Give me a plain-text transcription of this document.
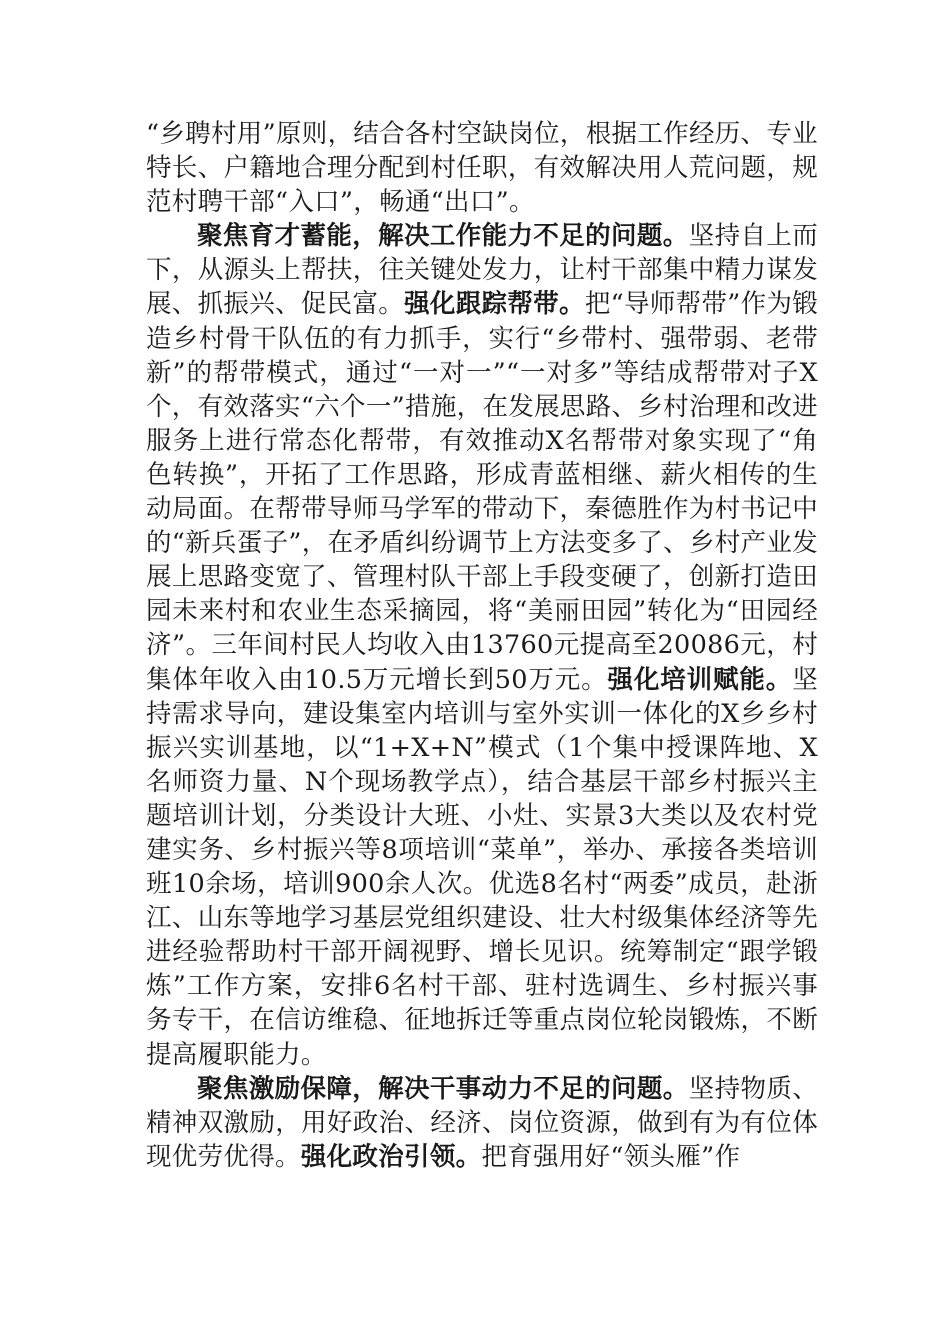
“乡聘村用”原则，结合各村空缺岗位，根据工作经历、专业特长、户籍地合理分配到村任职，有效解决用人荒问题，规范村聘干部“入口”，畅通“出口”。

聚焦育才蓄能，解决工作能力不足的问题。坚持自上而下，从源头上帮扶，往关键处发力，让村干部集中精力谋发展、抓振兴、促民富。强化跟踪帮带。把“导师帮带”作为锻造乡村骨干队伍的有力抓手，实行“乡带村、强带弱、老带新”的帮带模式，通过“一对一”“一对多”等结成帮带对子X个，有效落实“六个一”措施，在发展思路、乡村治理和改进服务上进行常态化帮带，有效推动X名帮带对象实现了“角色转换”，开拓了工作思路，形成青蓝相继、薪火相传的生动局面。在帮带导师马学军的带动下，秦德胜作为村书记中的“新兵蛋子”，在矛盾纠纷调节上方法变多了、乡村产业发展上思路变宽了、管理村队干部上手段变硬了，创新打造田园未来村和农业生态采摘园，将“美丽田园”转化为“田园经济”。三年间村民人均收入由13760元提高至20086元，村集体年收入由10.5万元增长到50万元。强化培训赋能。坚持需求导向，建设集室内培训与室外实训一体化的X乡乡村振兴实训基地，以“1+X+N”模式（1个集中授课阵地、X名师资力量、N个现场教学点），结合基层干部乡村振兴主题培训计划，分类设计大班、小灶、实景3大类以及农村党建实务、乡村振兴等8项培训“菜单”，举办、承接各类培训班10余场，培训900余人次。优选8名村“两委”成员，赴浙江、山东等地学习基层党组织建设、壮大村级集体经济等先进经验帮助村干部开阔视野、增长见识。统筹制定“跟学锻炼”工作方案，安排6名村干部、驻村选调生、乡村振兴事务专干，在信访维稳、征地拆迁等重点岗位轮岗锻炼，不断提高履职能力。

聚焦激励保障，解决干事动力不足的问题。坚持物质、精神双激励，用好政治、经济、岗位资源，做到有为有位体现优劳优得。强化政治引领。把育强用好“领头雁”作
